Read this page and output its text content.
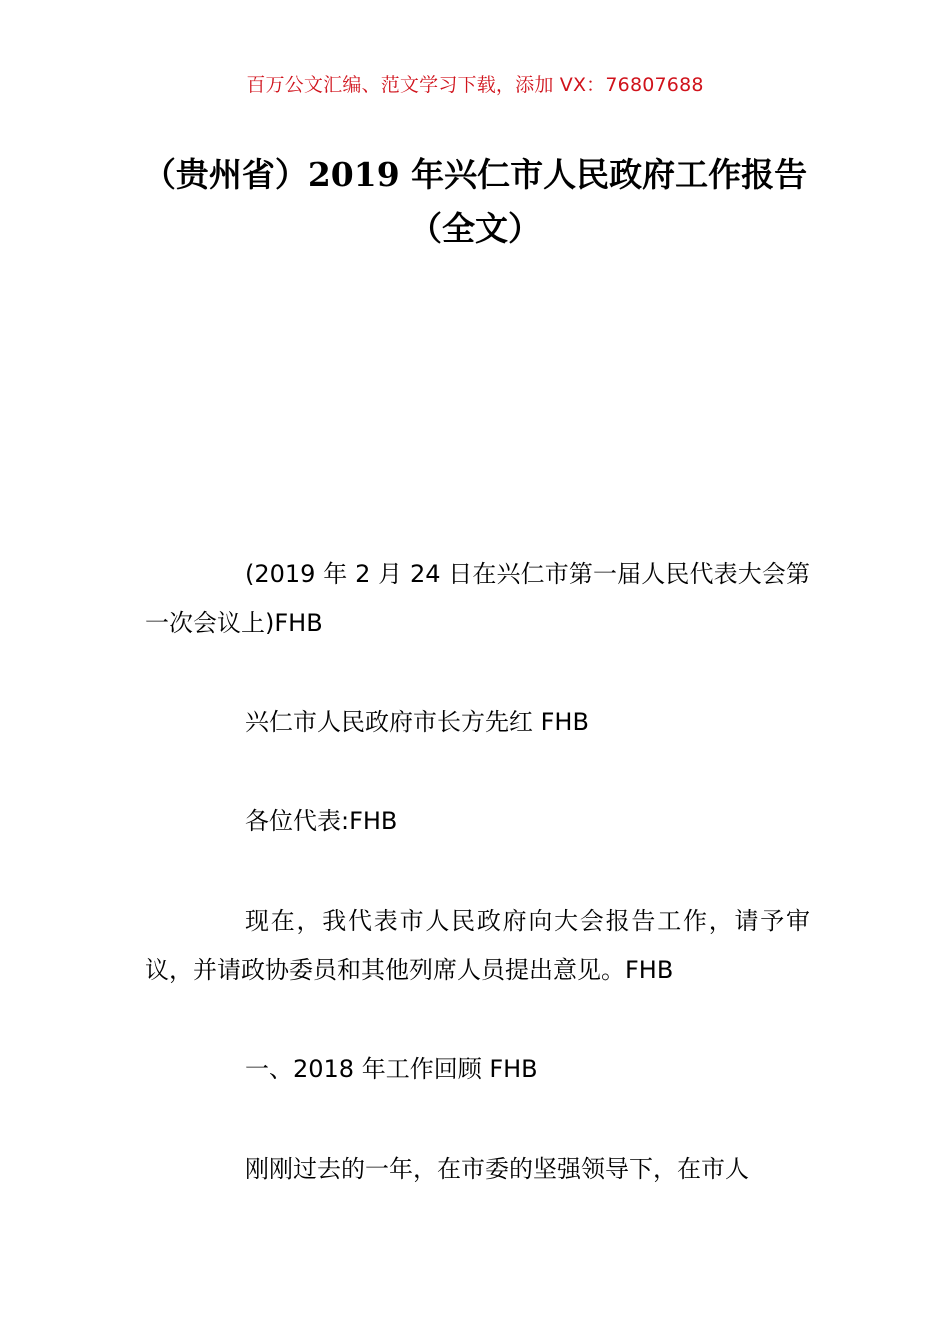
百万公文汇编、范文学习下载，添加 VX：76807688
（贵州省）2019 年兴仁市人民政府工作报告（全文）

(2019 年 2 月 24 日在兴仁市第一届人民代表大会第一次会议上)FHB

兴仁市人民政府市长方先红 FHB

各位代表:FHB

现在，我代表市人民政府向大会报告工作，请予审议，并请政协委员和其他列席人员提出意见。FHB

一、2018 年工作回顾 FHB

刚刚过去的一年，在市委的坚强领导下，在市人
